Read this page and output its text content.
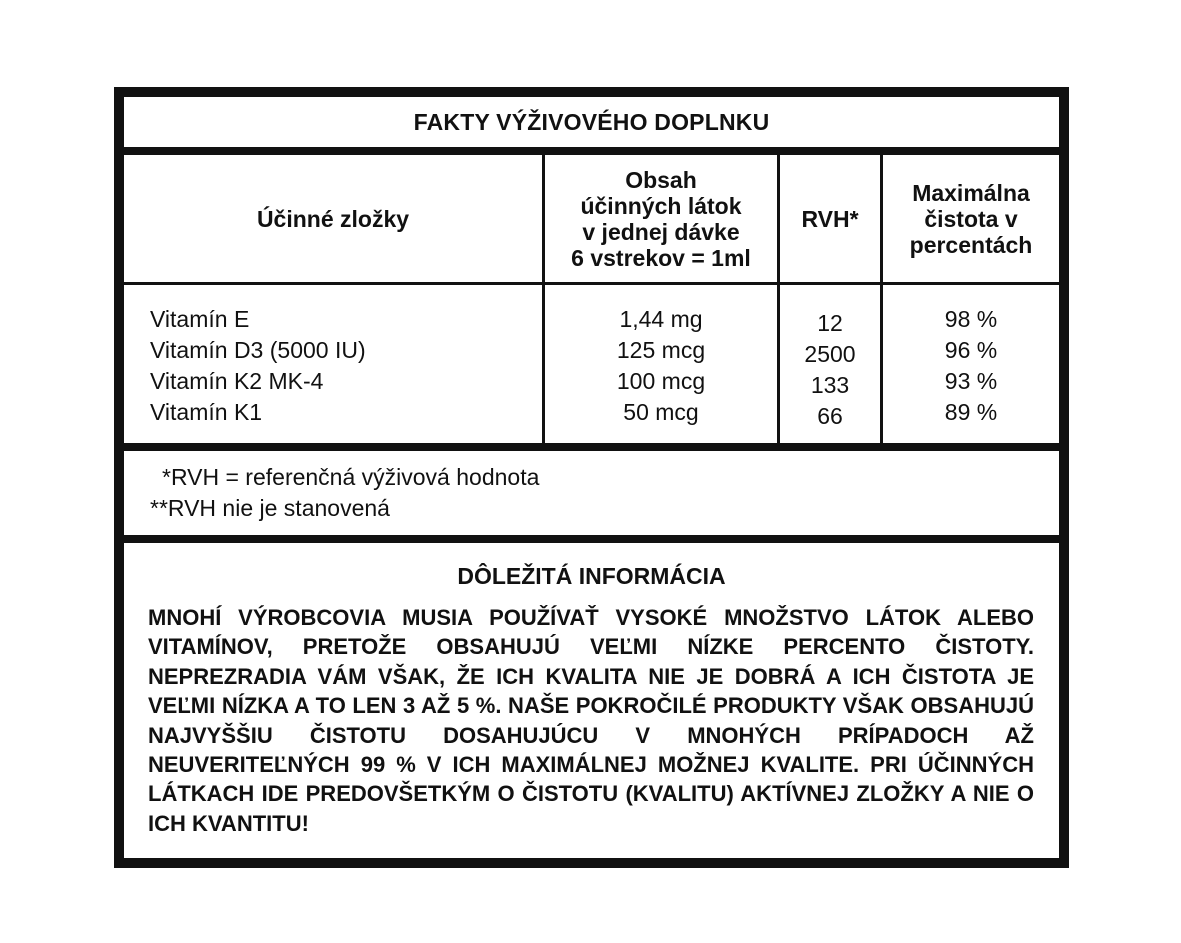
FAKTY VÝŽIVOVÉHO DOPLNKU
Účinné zložky
Obsah
účinných látok
v jednej dávke
6 vstrekov = 1ml
RVH*
Maximálna
čistota v
percentách
Vitamín E
Vitamín D3 (5000 IU)
Vitamín K2 MK-4
Vitamín K1
1,44 mg
125 mcg
100 mcg
50 mcg
12
2500
133
66
98 %
96 %
93 %
89 %
*RVH = referenčná výživová hodnota
**RVH nie je stanovená
DÔLEŽITÁ INFORMÁCIA
MNOHÍ VÝROBCOVIA MUSIA POUŽÍVAŤ VYSOKÉ MNOŽSTVO LÁTOK ALEBO VITAMÍNOV, PRETOŽE OBSAHUJÚ VEĽMI NÍZKE PERCENTO ČISTOTY. NEPREZRADIA VÁM VŠAK, ŽE ICH KVALITA NIE JE DOBRÁ A ICH ČISTOTA JE VEĽMI NÍZKA A TO LEN 3 AŽ 5 %. NAŠE POKROČILÉ PRODUKTY VŠAK OBSAHUJÚ NAJVYŠŠIU ČISTOTU DOSAHUJÚCU V MNOHÝCH PRÍPADOCH AŽ NEUVERITEĽNÝCH 99 % V ICH MAXIMÁLNEJ MOŽNEJ KVALITE. PRI ÚČINNÝCH LÁTKACH IDE PREDOVŠETKÝM O ČISTOTU (KVALITU) AKTÍVNEJ ZLOŽKY A NIE O ICH KVANTITU!
